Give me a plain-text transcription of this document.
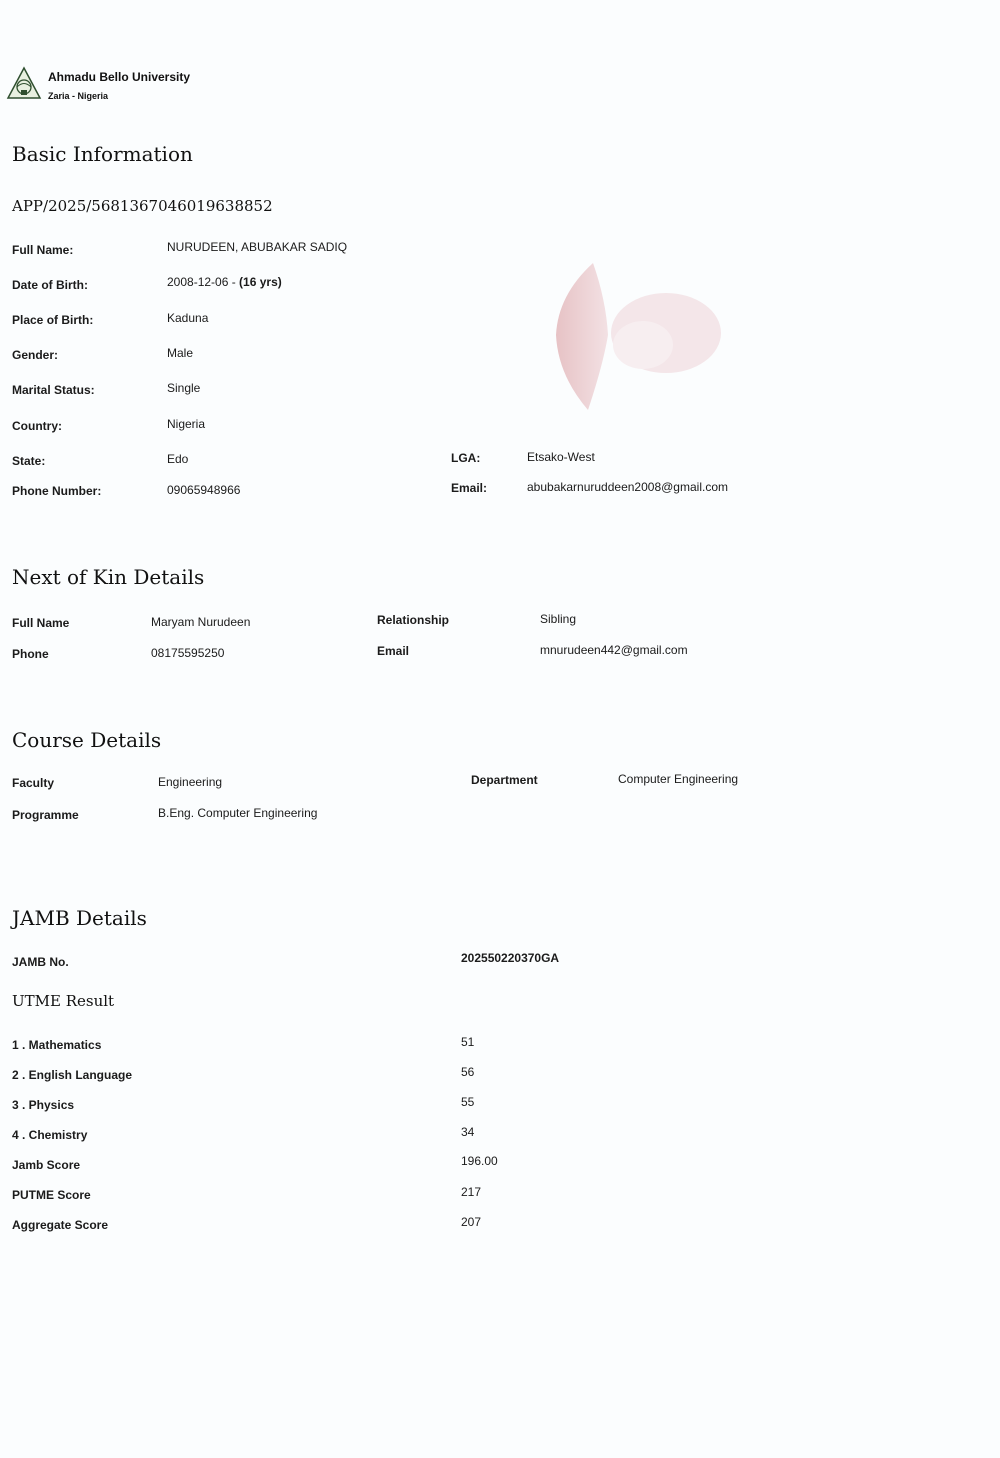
Ahmadu Bello University
Zaria - Nigeria
Basic Information
APP/2025/5681367046019638852
Full Name:	NURUDEEN, ABUBAKAR SADIQ
Date of Birth:	2008-12-06 - (16 yrs)
Place of Birth:	Kaduna
Gender:	Male
Marital Status:	Single
Country:	Nigeria
State:	Edo	LGA:	Etsako-West
Phone Number:	09065948966	Email:	abubakarnuruddeen2008@gmail.com
Next of Kin Details
Full Name	Maryam Nurudeen	Relationship	Sibling
Phone	08175595250	Email	mnurudeen442@gmail.com
Course Details
Faculty	Engineering	Department	Computer Engineering
Programme	B.Eng. Computer Engineering
JAMB Details
JAMB No.	202550220370GA
UTME Result
1 . Mathematics	51
2 . English Language	56
3 . Physics	55
4 . Chemistry	34
Jamb Score	196.00
PUTME Score	217
Aggregate Score	207
